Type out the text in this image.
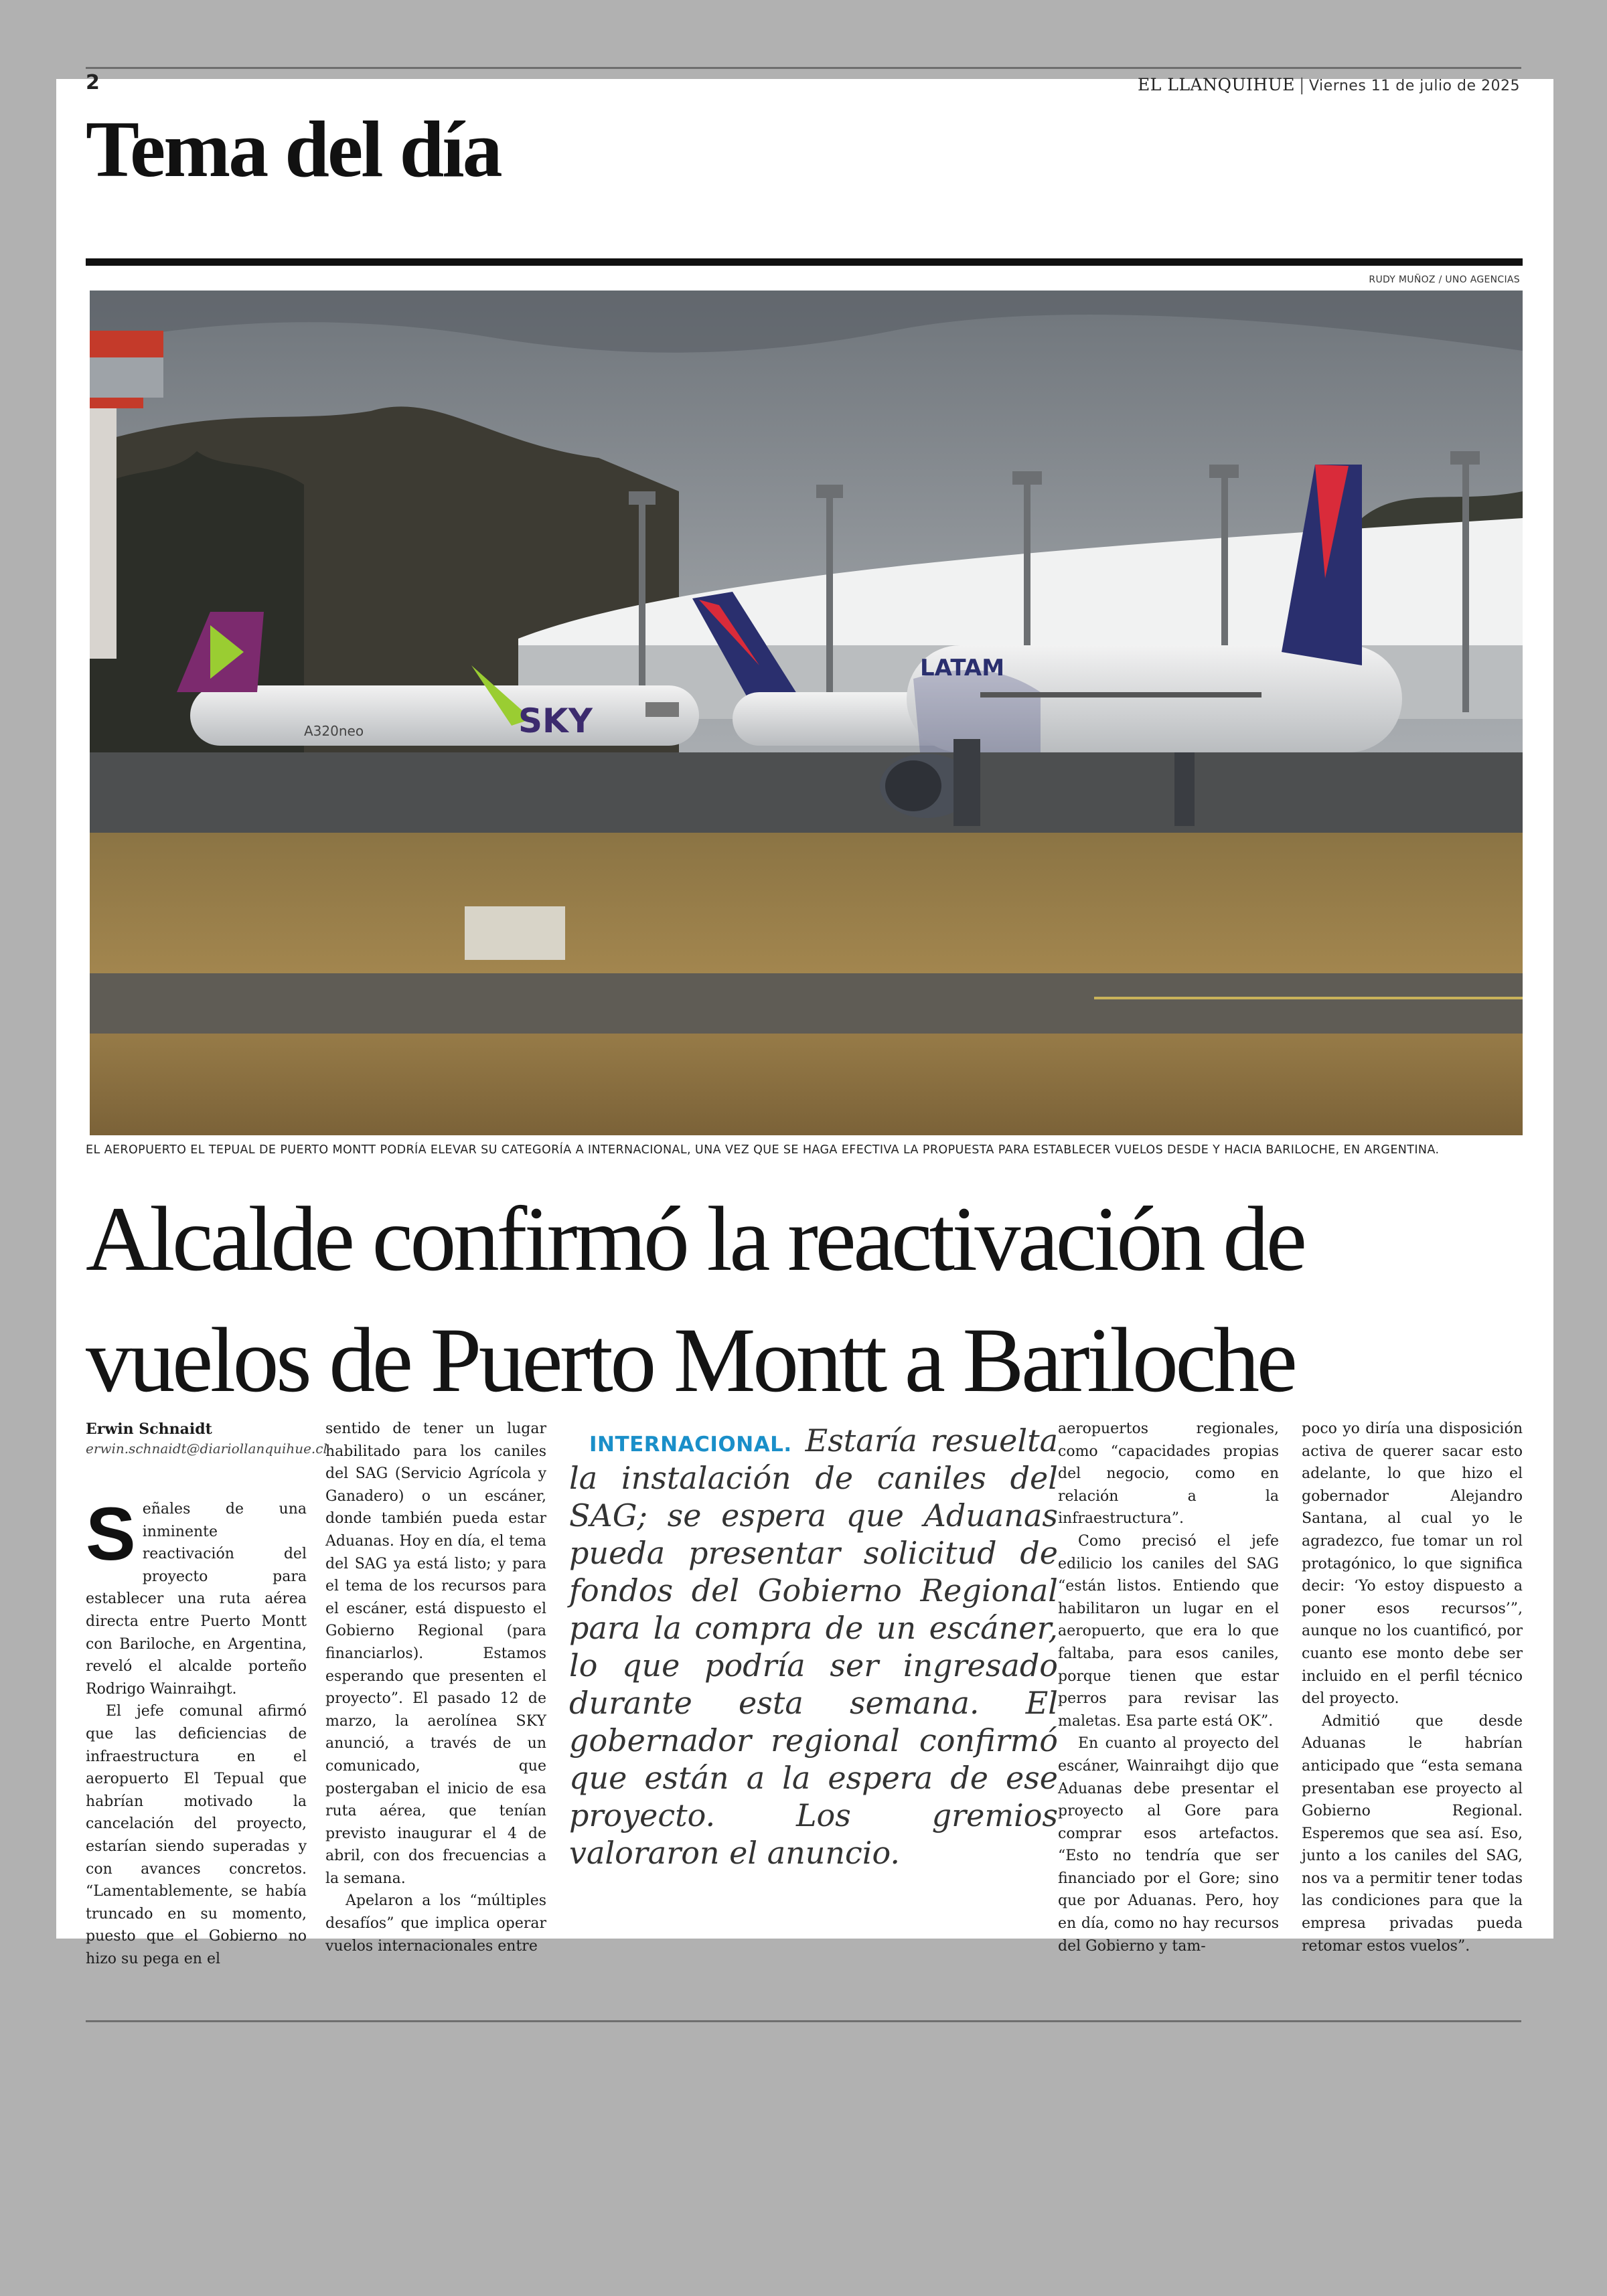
2	EL LLANQUIHUE | Viernes 11 de julio de 2025
Tema del día
RUDY MUÑOZ / UNO AGENCIAS
SKY
A320neo
LATAM

EL AEROPUERTO EL TEPUAL DE PUERTO MONTT PODRÍA ELEVAR SU CATEGORÍA A INTERNACIONAL, UNA VEZ QUE SE HAGA EFECTIVA LA PROPUESTA PARA ESTABLECER VUELOS DESDE Y HACIA BARILOCHE, EN ARGENTINA.

Alcalde confirmó la reactivación de vuelos de Puerto Montt a Bariloche
Erwin Schnaidt
erwin.schnaidt@diariollanquihue.cl

Señales de una inminente reactivación del proyecto para establecer una ruta aérea directa entre Puerto Montt con Bariloche, en Argentina, reveló el alcalde porteño Rodrigo Wainraihgt.

El jefe comunal afirmó que las deficiencias de infraestructura en el aeropuerto El Tepual que habrían motivado la cancelación del proyecto, estarían siendo superadas y con avances concretos. “Lamentablemente, se había truncado en su momento, puesto que el Gobierno no hizo su pega en el

sentido de tener un lugar habilitado para los caniles del SAG (Servicio Agrícola y Ganadero) o un escáner, donde también pueda estar Aduanas. Hoy en día, el tema del SAG ya está listo; y para el tema de los recursos para el escáner, está dispuesto el Gobierno Regional (para financiarlos). Estamos esperando que presenten el proyecto”. El pasado 12 de marzo, la aerolínea SKY anunció, a través de un comunicado, que postergaban el inicio de esa ruta aérea, que tenían previsto inaugurar el 4 de abril, con dos frecuencias a la semana.

Apelaron a los “múltiples desafíos” que implica operar vuelos internacionales entre

INTERNACIONAL. Estaría resuelta la instalación de caniles del SAG; se espera que Aduanas pueda presentar solicitud de fondos del Gobierno Regional para la compra de un escáner, lo que podría ser ingresado durante esta semana. El gobernador regional confirmó que están a la espera de ese proyecto. Los gremios valoraron el anuncio.

aeropuertos regionales, como “capacidades propias del negocio, como en relación a la infraestructura”.

Como precisó el jefe edilicio los caniles del SAG “están listos. Entiendo que habilitaron un lugar en el aeropuerto, que era lo que faltaba, para esos caniles, porque tienen que estar perros para revisar las maletas. Esa parte está OK”.

En cuanto al proyecto del escáner, Wainraihgt dijo que Aduanas debe presentar el proyecto al Gore para comprar esos artefactos. “Esto no tendría que ser financiado por el Gore; sino que por Aduanas. Pero, hoy en día, como no hay recursos del Gobierno y tam-

poco yo diría una disposición activa de querer sacar esto adelante, lo que hizo el gobernador Alejandro Santana, al cual yo le agradezco, fue tomar un rol protagónico, lo que significa decir: ‘Yo estoy dispuesto a poner esos recursos’”, aunque no los cuantificó, por cuanto ese monto debe ser incluido en el perfil técnico del proyecto.

Admitió que desde Aduanas le habrían anticipado que “esta semana presentaban ese proyecto al Gobierno Regional. Esperemos que sea así. Eso, junto a los caniles del SAG, nos va a permitir tener todas las condiciones para que la empresa privadas pueda retomar estos vuelos”.
